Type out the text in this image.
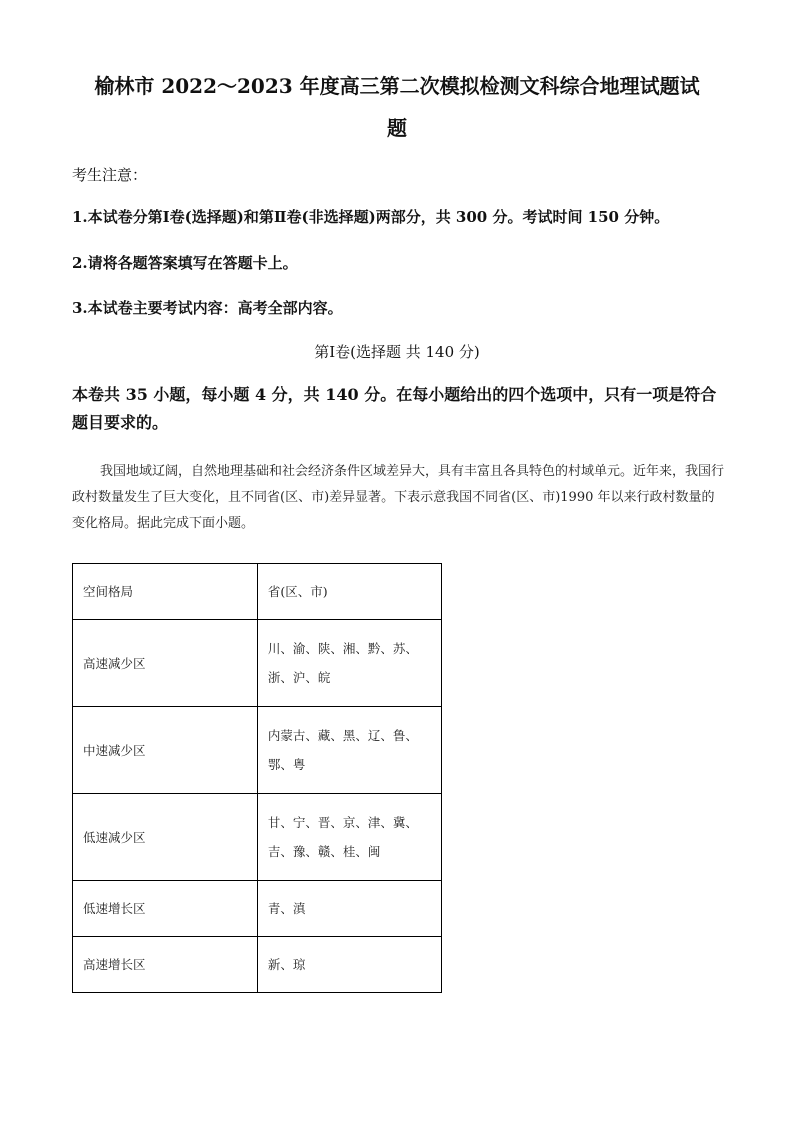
榆林市 2022～2023 年度高三第二次模拟检测文科综合地理试题试
题
考生注意：
1.本试卷分第Ⅰ卷(选择题)和第Ⅱ卷(非选择题)两部分，共 300 分。考试时间 150 分钟。
2.请将各题答案填写在答题卡上。
3.本试卷主要考试内容：高考全部内容。
第Ⅰ卷(选择题 共 140 分)
本卷共 35 小题，每小题 4 分，共 140 分。在每小题给出的四个选项中，只有一项是符合题目要求的。
我国地域辽阔，自然地理基础和社会经济条件区域差异大，具有丰富且各具特色的村域单元。近年来，我国行政村数量发生了巨大变化，且不同省(区、市)差异显著。下表示意我国不同省(区、市)1990 年以来行政村数量的变化格局。据此完成下面小题。
空间格局	省(区、市)
高速减少区	川、渝、陕、湘、黔、苏、
浙、沪、皖

中速减少区	内蒙古、藏、黑、辽、鲁、
鄂、粤

低速减少区	甘、宁、晋、京、津、冀、
吉、豫、赣、桂、闽

低速增长区	青、滇
高速增长区	新、琼
